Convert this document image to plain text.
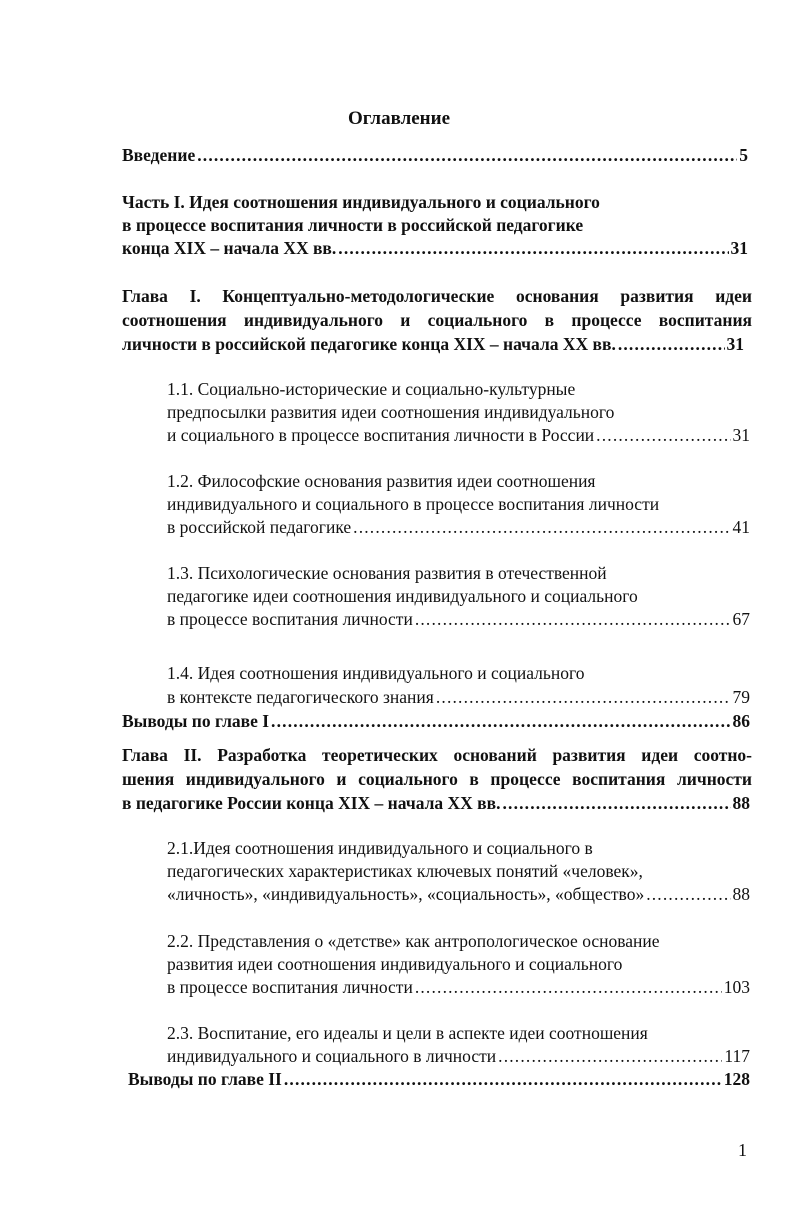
Оглавление
Введение . . .	5
Часть I. Идея соотношения индивидуального и социального
в процессе воспитания личности в российской педагогике
конца XIX – начала XX вв. . . .	31
Глава I. Концептуально-методологические основания развития идеи
соотношения индивидуального и социального в процессе воспитания
личности в российской педагогике конца XIX – начала XX вв. . . .	31
1.1. Социально-исторические и социально-культурные
предпосылки развития идеи соотношения индивидуального
и социального в процессе воспитания личности в России . . .	31
1.2. Философские основания развития идеи соотношения
индивидуального и социального в процессе воспитания личности
в российской педагогике . . .	41
1.3. Психологические основания развития в отечественной
педагогике идеи соотношения индивидуального и социального
в процессе воспитания личности . . .	67
1.4. Идея соотношения индивидуального и социального
в контексте педагогического знания . . .	79
Выводы по главе I . . .	86
Глава II. Разработка теоретических оснований развития идеи соотно-
шения индивидуального и социального в процессе воспитания личности
в педагогике России конца XIX – начала XX вв. . . .	88
2.1.Идея соотношения индивидуального и социального в
педагогических характеристиках ключевых понятий «человек»,
«личность», «индивидуальность», «социальность», «общество» . . .	88
2.2. Представления о «детстве» как антропологическое основание
развития идеи соотношения индивидуального и социального
в процессе воспитания личности . . .	103
2.3. Воспитание, его идеалы и цели в аспекте идеи соотношения
индивидуального и социального в личности . . .	117
Выводы по главе II . . .	128
1
